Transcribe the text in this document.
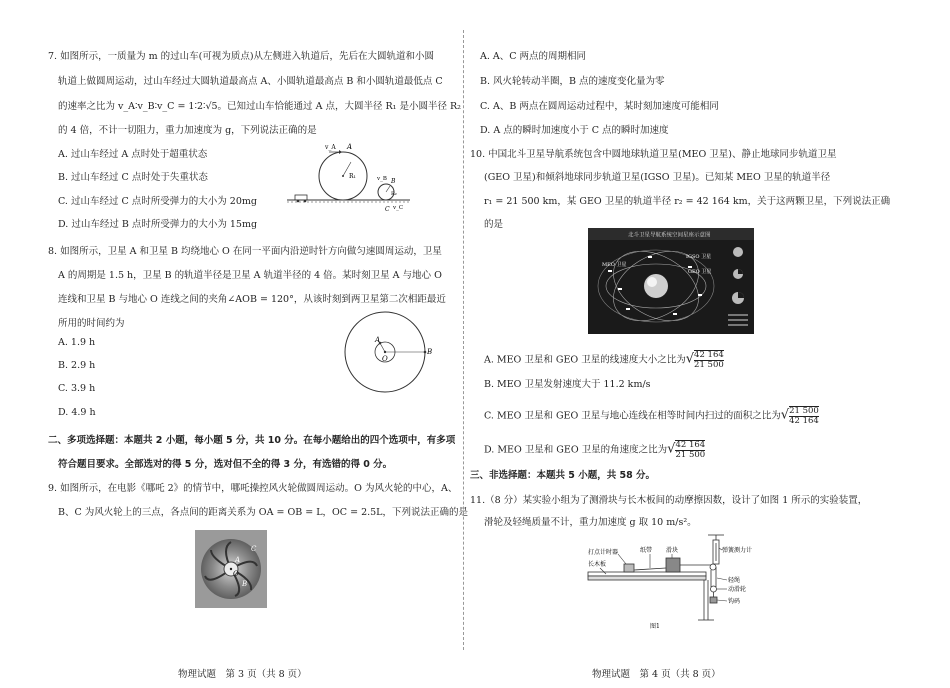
7. 如图所示，一质量为 m 的过山车(可视为质点)从左侧进入轨道后，先后在大圆轨道和小圆
轨道上做圆周运动，过山车经过大圆轨道最高点 A、小圆轨道最高点 B 和小圆轨道最低点 C
的速率之比为 v_A∶v_B∶v_C = 1∶2∶√5。已知过山车恰能通过 A 点，大圆半径 R₁ 是小圆半径 R₂
的 4 倍，不计一切阻力，重力加速度为 g，下列说法正确的是
A. 过山车经过 A 点时处于超重状态
B. 过山车经过 C 点时处于失重状态
C. 过山车经过 C 点时所受弹力的大小为 20mg
D. 过山车经过 B 点时所受弹力的大小为 15mg
v_A A
R₁	v_B B
R₂
v_C
C
8. 如图所示，卫星 A 和卫星 B 均绕地心 O 在同一平面内沿逆时针方向做匀速圆周运动，卫星
A 的周期是 1.5 h，卫星 B 的轨道半径是卫星 A 轨道半径的 4 倍。某时刻卫星 A 与地心 O
连线和卫星 B 与地心 O 连线之间的夹角∠AOB = 120°，从该时刻到两卫星第二次相距最近
所用的时间约为
A. 1.9 h
B. 2.9 h
C. 3.9 h
D. 4.9 h
A
O
B
二、多项选择题：本题共 2 小题，每小题 5 分，共 10 分。在每小题给出的四个选项中，有多项
符合题目要求。全部选对的得 5 分，选对但不全的得 3 分，有选错的得 0 分。
9. 如图所示，在电影《哪吒 2》的情节中，哪吒操控风火轮做圆周运动。O 为风火轮的中心，A、
B、C 为风火轮上的三点，各点间的距离关系为 OA = OB = L，OC = 2.5L，下列说法正确的是
C
A
O
B
物理试题　第 3 页（共 8 页）
A. A、C 两点的周期相同
B. 风火轮转动半圈，B 点的速度变化量为零
C. A、B 两点在圆周运动过程中，某时刻加速度可能相同
D. A 点的瞬时加速度小于 C 点的瞬时加速度
10. 中国北斗卫星导航系统包含中圆地球轨道卫星(MEO 卫星)、静止地球同步轨道卫星
(GEO 卫星)和倾斜地球同步轨道卫星(IGSO 卫星)。已知某 MEO 卫星的轨道半径
r₁ = 21 500 km，某 GEO 卫星的轨道半径 r₂ = 42 164 km，关于这两颗卫星，下列说法正确
的是
北斗卫星导航系统空间星座示意图
MEO 卫星
IGSO 卫星
GEO 卫星
A. MEO 卫星和 GEO 卫星的线速度大小之比为√ $\frac{42 164}{21 500}$
B. MEO 卫星发射速度大于 11.2 km/s
C. MEO 卫星和 GEO 卫星与地心连线在相等时间内扫过的面积之比为√ $\frac{21 500}{42 164}$
D. MEO 卫星和 GEO 卫星的角速度之比为√ $\frac{42 164}{21 500}$
三、非选择题：本题共 5 小题，共 58 分。
11.（8 分）某实验小组为了测滑块与长木板间的动摩擦因数，设计了如图 1 所示的实验装置，
滑轮及轻绳质量不计，重力加速度 g 取 10 m/s²。
打点计时器	纸带 滑块
长木板
弹簧测力计
轻绳
动滑轮
钩码
图1
物理试题　第 4 页（共 8 页）
